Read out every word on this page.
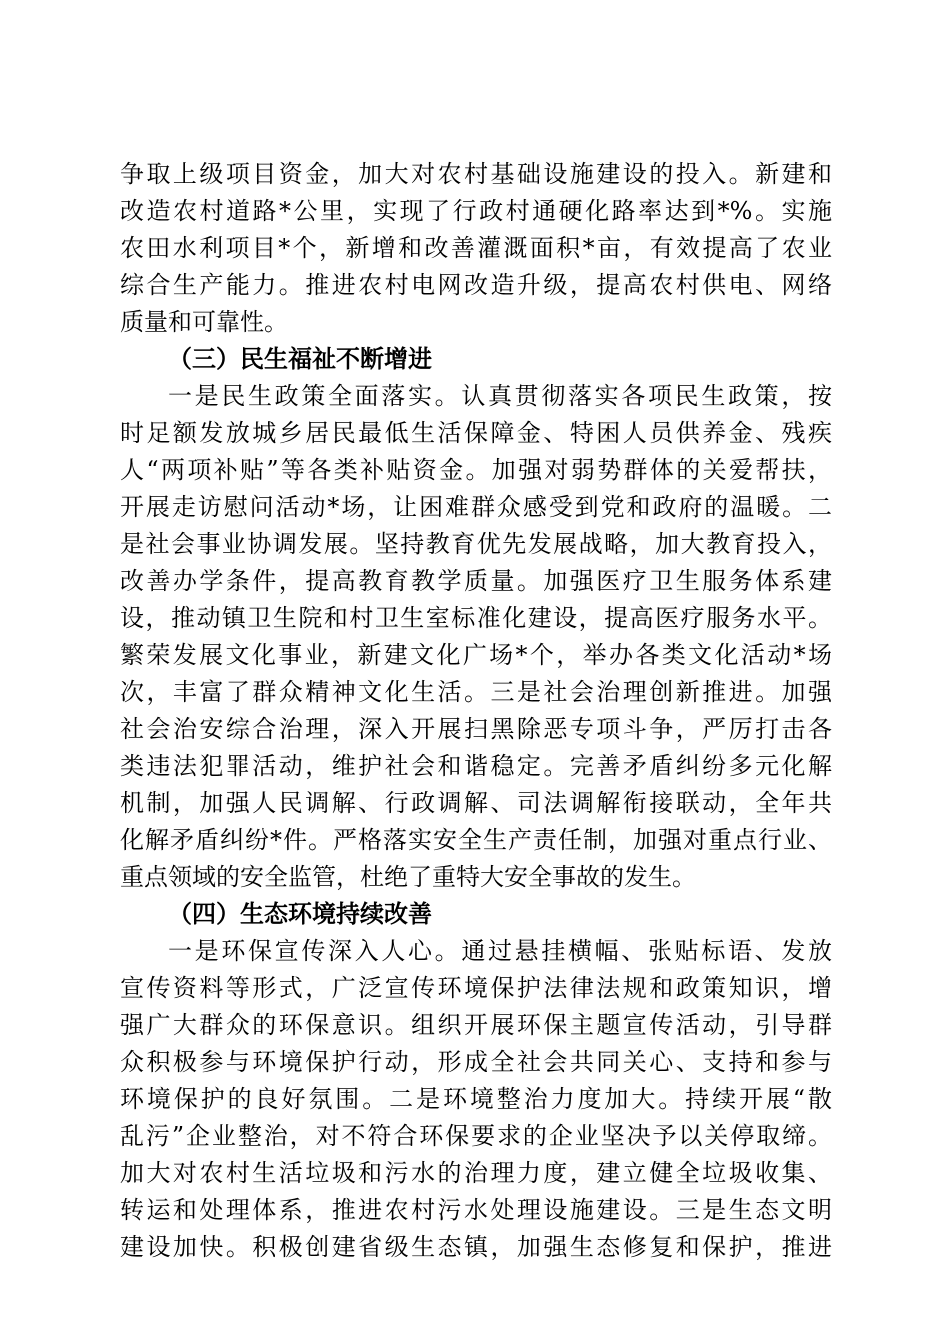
争取上级项目资金，加大对农村基础设施建设的投入。新建和
改造农村道路*公里，实现了行政村通硬化路率达到*%。实施
农田水利项目*个，新增和改善灌溉面积*亩，有效提高了农业
综合生产能力。推进农村电网改造升级，提高农村供电、网络
质量和可靠性。
（三）民生福祉不断增进
一是民生政策全面落实。认真贯彻落实各项民生政策，按
时足额发放城乡居民最低生活保障金、特困人员供养金、残疾
人“两项补贴”等各类补贴资金。加强对弱势群体的关爱帮扶，
开展走访慰问活动*场，让困难群众感受到党和政府的温暖。二
是社会事业协调发展。坚持教育优先发展战略，加大教育投入，
改善办学条件，提高教育教学质量。加强医疗卫生服务体系建
设，推动镇卫生院和村卫生室标准化建设，提高医疗服务水平。
繁荣发展文化事业，新建文化广场*个，举办各类文化活动*场
次，丰富了群众精神文化生活。三是社会治理创新推进。加强
社会治安综合治理，深入开展扫黑除恶专项斗争，严厉打击各
类违法犯罪活动，维护社会和谐稳定。完善矛盾纠纷多元化解
机制，加强人民调解、行政调解、司法调解衔接联动，全年共
化解矛盾纠纷*件。严格落实安全生产责任制，加强对重点行业、
重点领域的安全监管，杜绝了重特大安全事故的发生。
（四）生态环境持续改善
一是环保宣传深入人心。通过悬挂横幅、张贴标语、发放
宣传资料等形式，广泛宣传环境保护法律法规和政策知识，增
强广大群众的环保意识。组织开展环保主题宣传活动，引导群
众积极参与环境保护行动，形成全社会共同关心、支持和参与
环境保护的良好氛围。二是环境整治力度加大。持续开展“散
乱污”企业整治，对不符合环保要求的企业坚决予以关停取缔。
加大对农村生活垃圾和污水的治理力度，建立健全垃圾收集、
转运和处理体系，推进农村污水处理设施建设。三是生态文明
建设加快。积极创建省级生态镇，加强生态修复和保护，推进
